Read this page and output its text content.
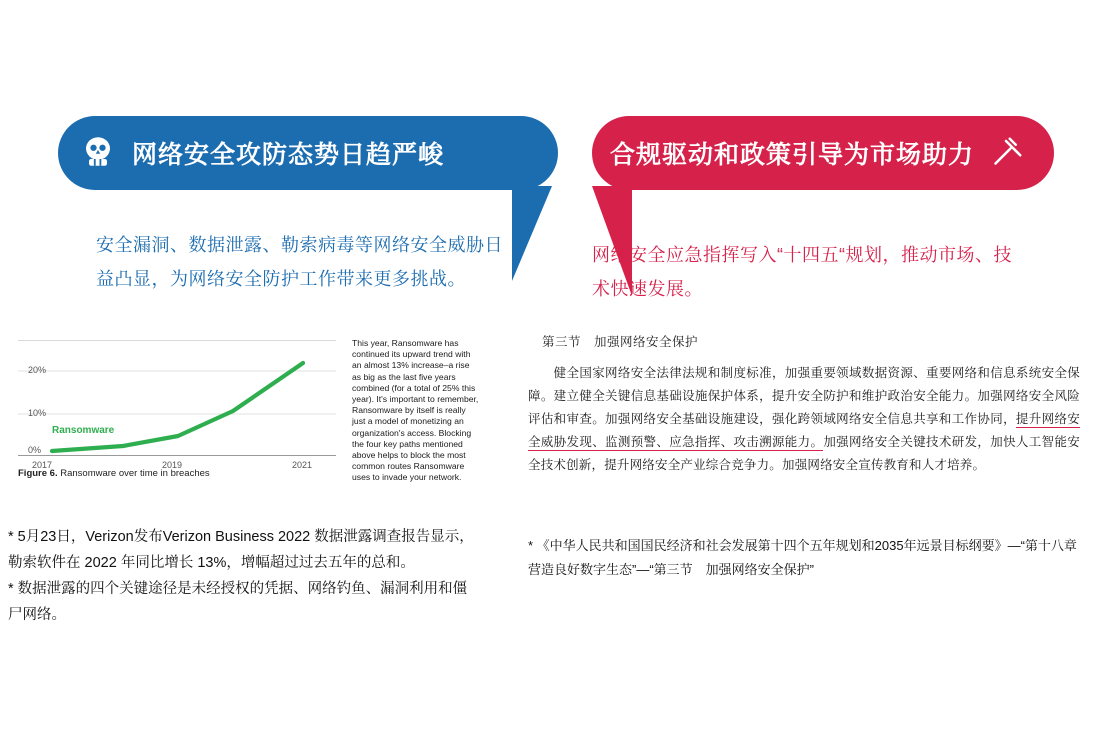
网络安全攻防态势日趋严峻	合规驱动和政策引导为市场助力
安全漏洞、数据泄露、勒索病毒等网络安全威胁日益凸显，为网络安全防护工作带来更多挑战。
网络安全应急指挥写入“十四五“规划，推动市场、技术快速发展。
20%
10%
0%
Ransomware
2017	2019	2021
Figure 6. Ransomware over time in breaches
This year, Ransomware has continued its upward trend with an almost 13% increase–a rise as big as the last five years combined (for a total of 25% this year). It's important to remember, Ransomware by itself is really just a model of monetizing an organization's access. Blocking the four key paths mentioned above helps to block the most common routes Ransomware uses to invade your network.
* 5月23日，Verizon发布Verizon Business 2022 数据泄露调查报告显示，勒索软件在 2022 年同比增长 13%，增幅超过过去五年的总和。
* 数据泄露的四个关键途径是未经授权的凭据、网络钓鱼、漏洞利用和僵尸网络。
第三节　加强网络安全保护
　　健全国家网络安全法律法规和制度标准，加强重要领域数据资源、重要网络和信息系统安全保障。建立健全关键信息基础设施保护体系，提升安全防护和维护政治安全能力。加强网络安全风险评估和审查。加强网络安全基础设施建设，强化跨领域网络安全信息共享和工作协同，提升网络安全威胁发现、监测预警、应急指挥、攻击溯源能力。加强网络安全关键技术研发，加快人工智能安全技术创新，提升网络安全产业综合竞争力。加强网络安全宣传教育和人才培养。
* 《中华人民共和国国民经济和社会发展第十四个五年规划和2035年远景目标纲要》—“第十八章　营造良好数字生态”—“第三节　加强网络安全保护”
